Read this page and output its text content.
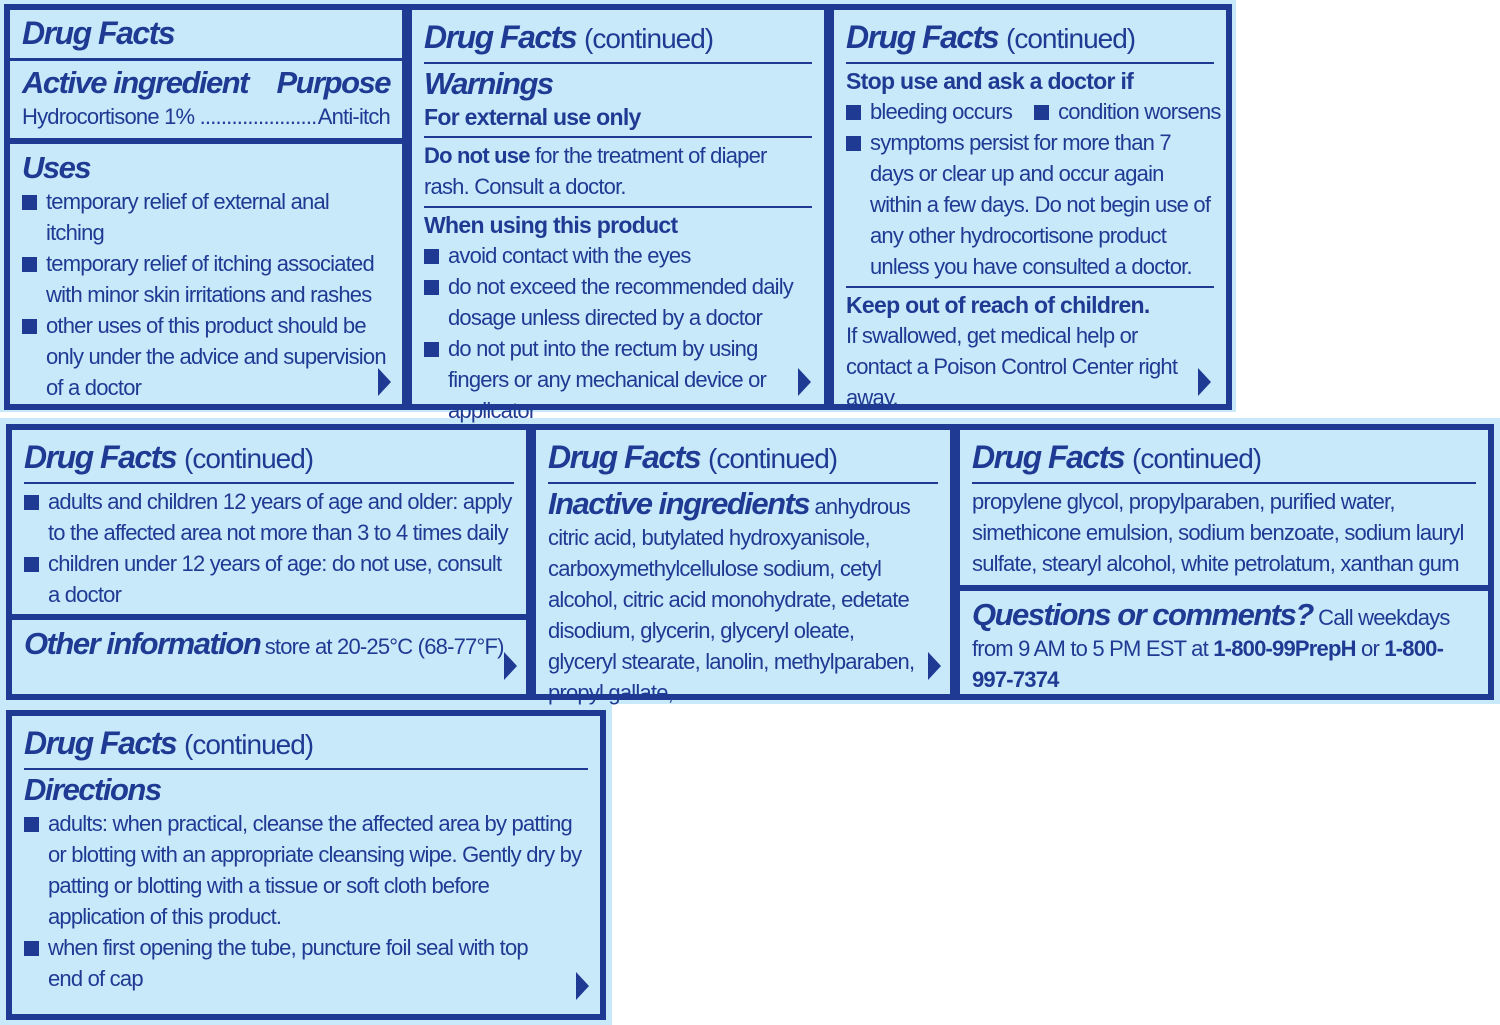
Drug Facts
Active ingredient Purpose
Hydrocortisone 1% ...................... Anti-itch
Uses
temporary relief of external anal itching
temporary relief of itching associated with minor skin irritations and rashes
other uses of this product should be only under the advice and supervision of a doctor
Drug Facts (continued)
Warnings
For external use only
Do not use for the treatment of diaper rash. Consult a doctor.
When using this product
avoid contact with the eyes
do not exceed the recommended daily dosage unless directed by a doctor
do not put into the rectum by using fingers or any mechanical device or applicator
Drug Facts (continued)
Stop use and ask a doctor if
bleeding occurs	condition worsens
symptoms persist for more than 7 days or clear up and occur again within a few days. Do not begin use of any other hydrocortisone product unless you have consulted a doctor.
Keep out of reach of children.
If swallowed, get medical help or contact a Poison Control Center right away.
Drug Facts (continued)
adults and children 12 years of age and older: apply to the affected area not more than 3 to 4 times daily
children under 12 years of age: do not use, consult a doctor
Other information store at 20-25°C (68-77°F)
Drug Facts (continued)
Inactive ingredients anhydrous citric acid, butylated hydroxyanisole, carboxymethylcellulose sodium, cetyl alcohol, citric acid monohydrate, edetate disodium, glycerin, glyceryl oleate, glyceryl stearate, lanolin, methylparaben, propyl gallate,
Drug Facts (continued)
propylene glycol, propylparaben, purified water, simethicone emulsion, sodium benzoate, sodium lauryl sulfate, stearyl alcohol, white petrolatum, xanthan gum
Questions or comments? Call weekdays from 9 AM to 5 PM EST at 1-800-99PrepH or 1-800-997-7374
Drug Facts (continued)
Directions
adults: when practical, cleanse the affected area by patting or blotting with an appropriate cleansing wipe. Gently dry by patting or blotting with a tissue or soft cloth before application of this product.
when first opening the tube, puncture foil seal with top end of cap
